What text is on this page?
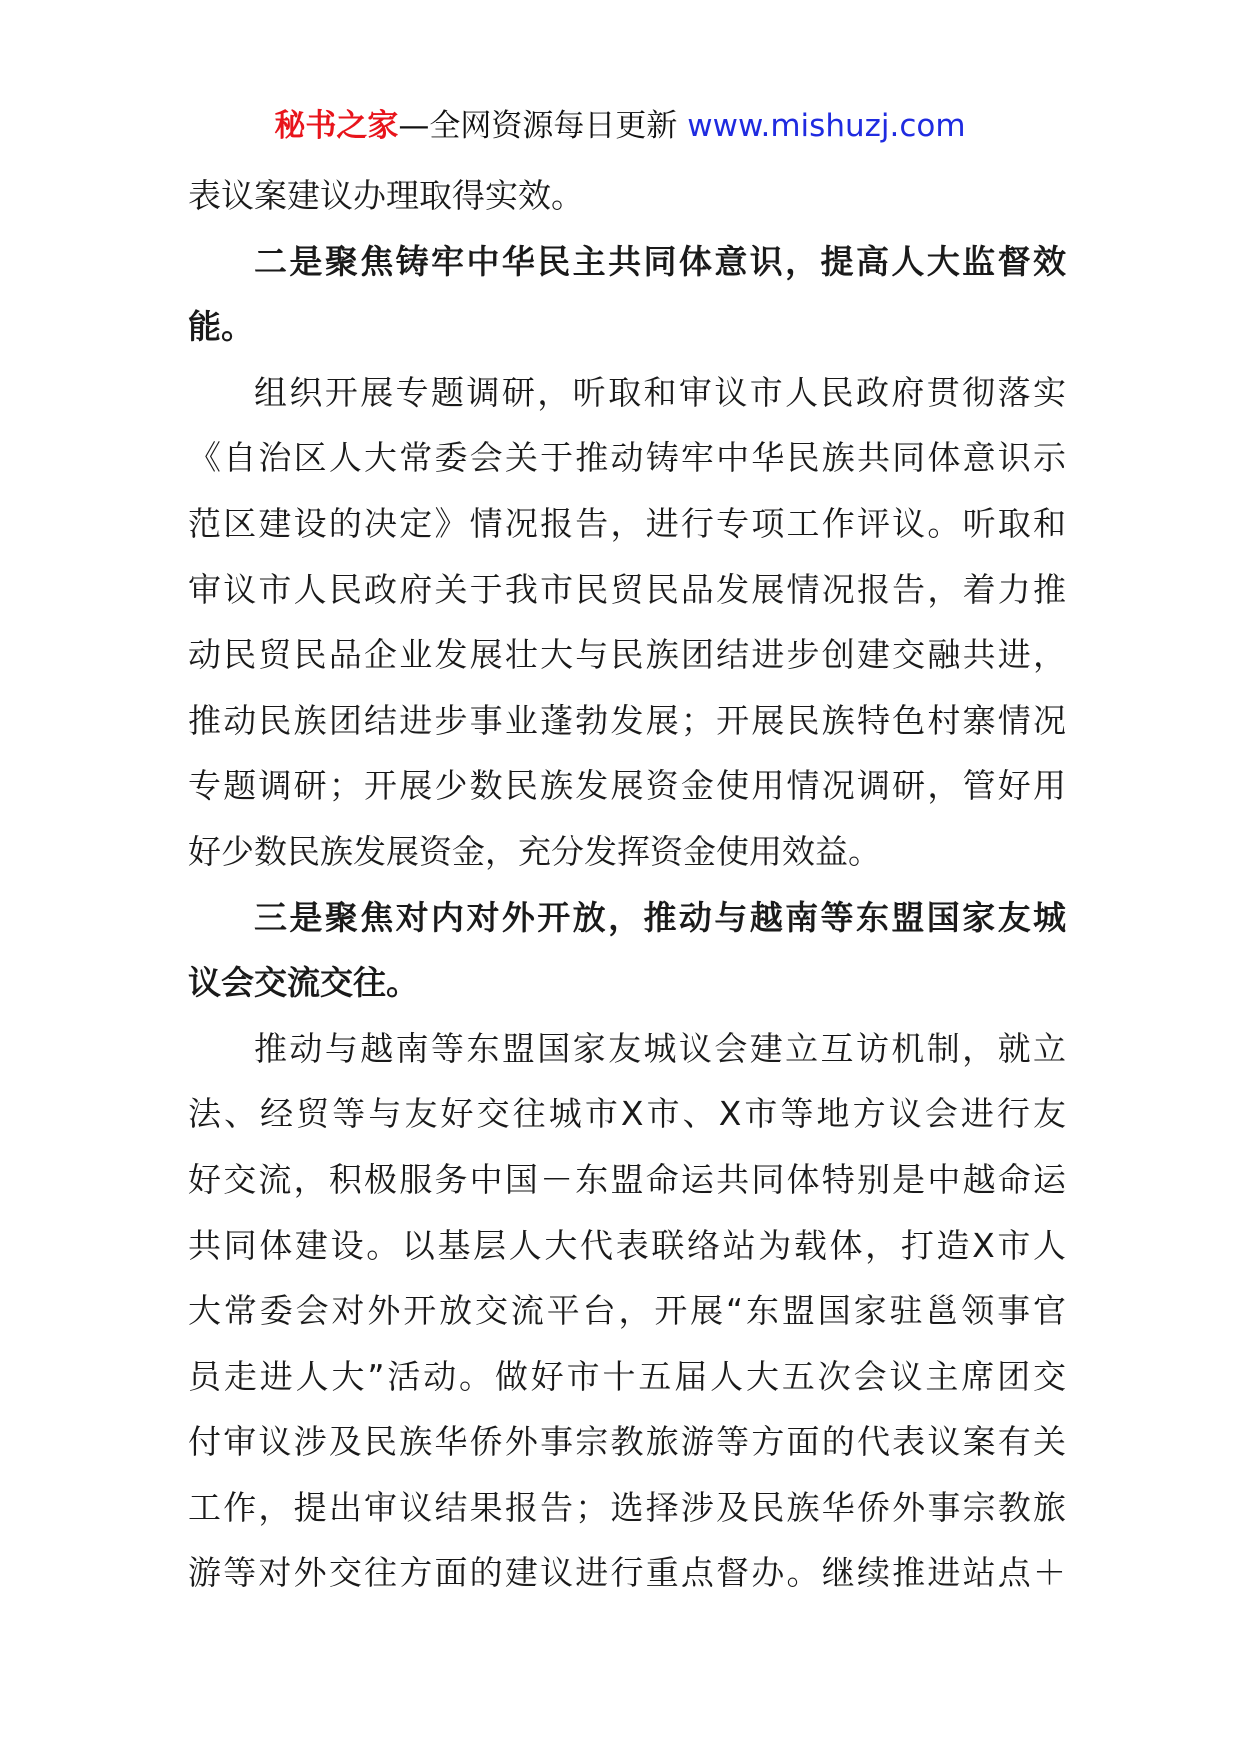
秘书之家—全网资源每日更新 www.mishuzj.com
表议案建议办理取得实效。
二是聚焦铸牢中华民主共同体意识，提高人大监督效
能。
组织开展专题调研，听取和审议市人民政府贯彻落实
《自治区人大常委会关于推动铸牢中华民族共同体意识示
范区建设的决定》情况报告，进行专项工作评议。听取和
审议市人民政府关于我市民贸民品发展情况报告，着力推
动民贸民品企业发展壮大与民族团结进步创建交融共进，
推动民族团结进步事业蓬勃发展；开展民族特色村寨情况
专题调研；开展少数民族发展资金使用情况调研，管好用
好少数民族发展资金，充分发挥资金使用效益。
三是聚焦对内对外开放，推动与越南等东盟国家友城
议会交流交往。
推动与越南等东盟国家友城议会建立互访机制，就立
法、经贸等与友好交往城市X市、X市等地方议会进行友
好交流，积极服务中国－东盟命运共同体特别是中越命运
共同体建设。以基层人大代表联络站为载体，打造X市人
大常委会对外开放交流平台，开展“东盟国家驻邕领事官
员走进人大”活动。做好市十五届人大五次会议主席团交
付审议涉及民族华侨外事宗教旅游等方面的代表议案有关
工作，提出审议结果报告；选择涉及民族华侨外事宗教旅
游等对外交往方面的建议进行重点督办。继续推进站点＋
